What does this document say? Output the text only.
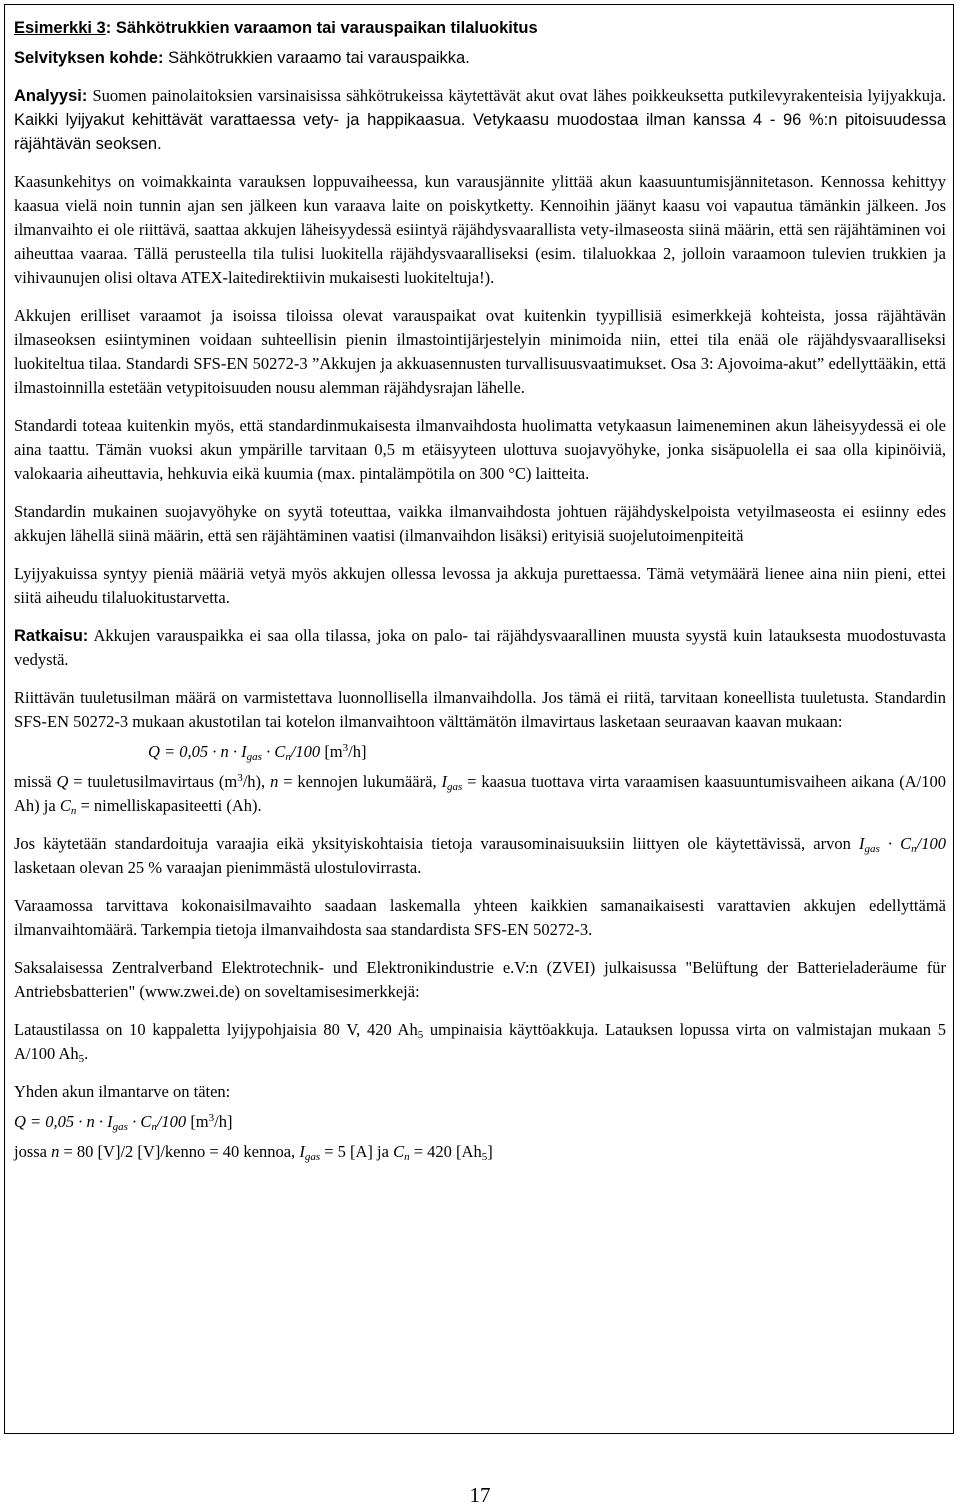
Esimerkki 3: Sähkötrukkien varaamon tai varauspaikan tilaluokitus

Selvityksen kohde: Sähkötrukkien varaamo tai varauspaikka.

Analyysi: Suomen painolaitoksien varsinaisissa sähkötrukeissa käytettävät akut ovat lähes poikkeuksetta putkilevyrakenteisia lyijyakkuja. Kaikki lyijyakut kehittävät varattaessa vety- ja happikaasua. Vetykaasu muodostaa ilman kanssa 4 - 96 %:n pitoisuudessa räjähtävän seoksen.

Kaasunkehitys on voimakkainta varauksen loppuvaiheessa, kun varausjännite ylittää akun kaasuuntumisjännitetason. Kennossa kehittyy kaasua vielä noin tunnin ajan sen jälkeen kun varaava laite on poiskytketty. Kennoihin jäänyt kaasu voi vapautua tämänkin jälkeen. Jos ilmanvaihto ei ole riittävä, saattaa akkujen läheisyydessä esiintyä räjähdysvaarallista vety-ilmaseosta siinä määrin, että sen räjähtäminen voi aiheuttaa vaaraa. Tällä perusteella tila tulisi luokitella räjähdysvaaralliseksi (esim. tilaluokkaa 2, jolloin varaamoon tulevien trukkien ja vihivaunujen olisi oltava ATEX-laitedirektiivin mukaisesti luokiteltuja!).

Akkujen erilliset varaamot ja isoissa tiloissa olevat varauspaikat ovat kuitenkin tyypillisiä esimerkkejä kohteista, jossa räjähtävän ilmaseoksen esiintyminen voidaan suhteellisin pienin ilmastointijärjestelyin minimoida niin, ettei tila enää ole räjähdysvaaralliseksi luokiteltua tilaa. Standardi SFS-EN 50272-3 ”Akkujen ja akkuasennusten turvallisuusvaatimukset. Osa 3: Ajovoima-akut” edellyttääkin, että ilmastoinnilla estetään vetypitoisuuden nousu alemman räjähdysrajan lähelle.

Standardi toteaa kuitenkin myös, että standardinmukaisesta ilmanvaihdosta huolimatta vetykaasun laimeneminen akun läheisyydessä ei ole aina taattu. Tämän vuoksi akun ympärille tarvitaan 0,5 m etäisyyteen ulottuva suojavyöhyke, jonka sisäpuolella ei saa olla kipinöiviä, valokaaria aiheuttavia, hehkuvia eikä kuumia (max. pintalämpötila on 300 °C) laitteita.

Standardin mukainen suojavyöhyke on syytä toteuttaa, vaikka ilmanvaihdosta johtuen räjähdyskelpoista vetyilmaseosta ei esiinny edes akkujen lähellä siinä määrin, että sen räjähtäminen vaatisi (ilmanvaihdon lisäksi) erityisiä suojelutoimenpiteitä

Lyijyakuissa syntyy pieniä määriä vetyä myös akkujen ollessa levossa ja akkuja purettaessa. Tämä vetymäärä lienee aina niin pieni, ettei siitä aiheudu tilaluokitustarvetta.

Ratkaisu: Akkujen varauspaikka ei saa olla tilassa, joka on palo- tai räjähdysvaarallinen muusta syystä kuin latauksesta muodostuvasta vedystä.

Riittävän tuuletusilman määrä on varmistettava luonnollisella ilmanvaihdolla. Jos tämä ei riitä, tarvitaan koneellista tuuletusta. Standardin SFS-EN 50272-3 mukaan akustotilan tai kotelon ilmanvaihtoon välttämätön ilmavirtaus lasketaan seuraavan kaavan mukaan:

$Q = 0,05 \cdot n \cdot I_{gas} \cdot C_n/100$ $[m^3/h]$

missä Q = tuuletusilmavirtaus $(m^3/h)$, n = kennojen lukumäärä, $I_{gas}$ = kaasua tuottava virta varaamisen kaasuuntumisvaiheen aikana (A/100 Ah) ja $C_n$ = nimelliskapasiteetti (Ah).

Jos käytetään standardoituja varaajia eikä yksityiskohtaisia tietoja varausominaisuuksiin liittyen ole käytettävissä, arvon $I_{gas} \cdot C_n/100$ lasketaan olevan 25 % varaajan pienimmästä ulostulovirrasta.

Varaamossa tarvittava kokonaisilmavaihto saadaan laskemalla yhteen kaikkien samanaikaisesti varattavien akkujen edellyttämä ilmanvaihtomäärä. Tarkempia tietoja ilmanvaihdosta saa standardista SFS-EN 50272-3.

Saksalaisessa Zentralverband Elektrotechnik- und Elektronikindustrie e.V:n (ZVEI) julkaisussa "Belüftung der Batterieladeräume für Antriebsbatterien" (www.zwei.de) on soveltamisesimerkkejä:

Lataustilassa on 10 kappaletta lyijypohjaisia 80 V, 420 $Ah_5$ umpinaisia käyttöakkuja. Latauksen lopussa virta on valmistajan mukaan 5 A/100 $Ah_5$.

Yhden akun ilmantarve on täten:

$Q = 0,05 \cdot n \cdot I_{gas} \cdot C_n/100$ $[m^3/h]$

jossa n = 80 [V]/2 [V]/kenno = 40 kennoa, $I_{gas} = 5$ [A] ja $C_n = 420$ $[Ah_5]$

17
